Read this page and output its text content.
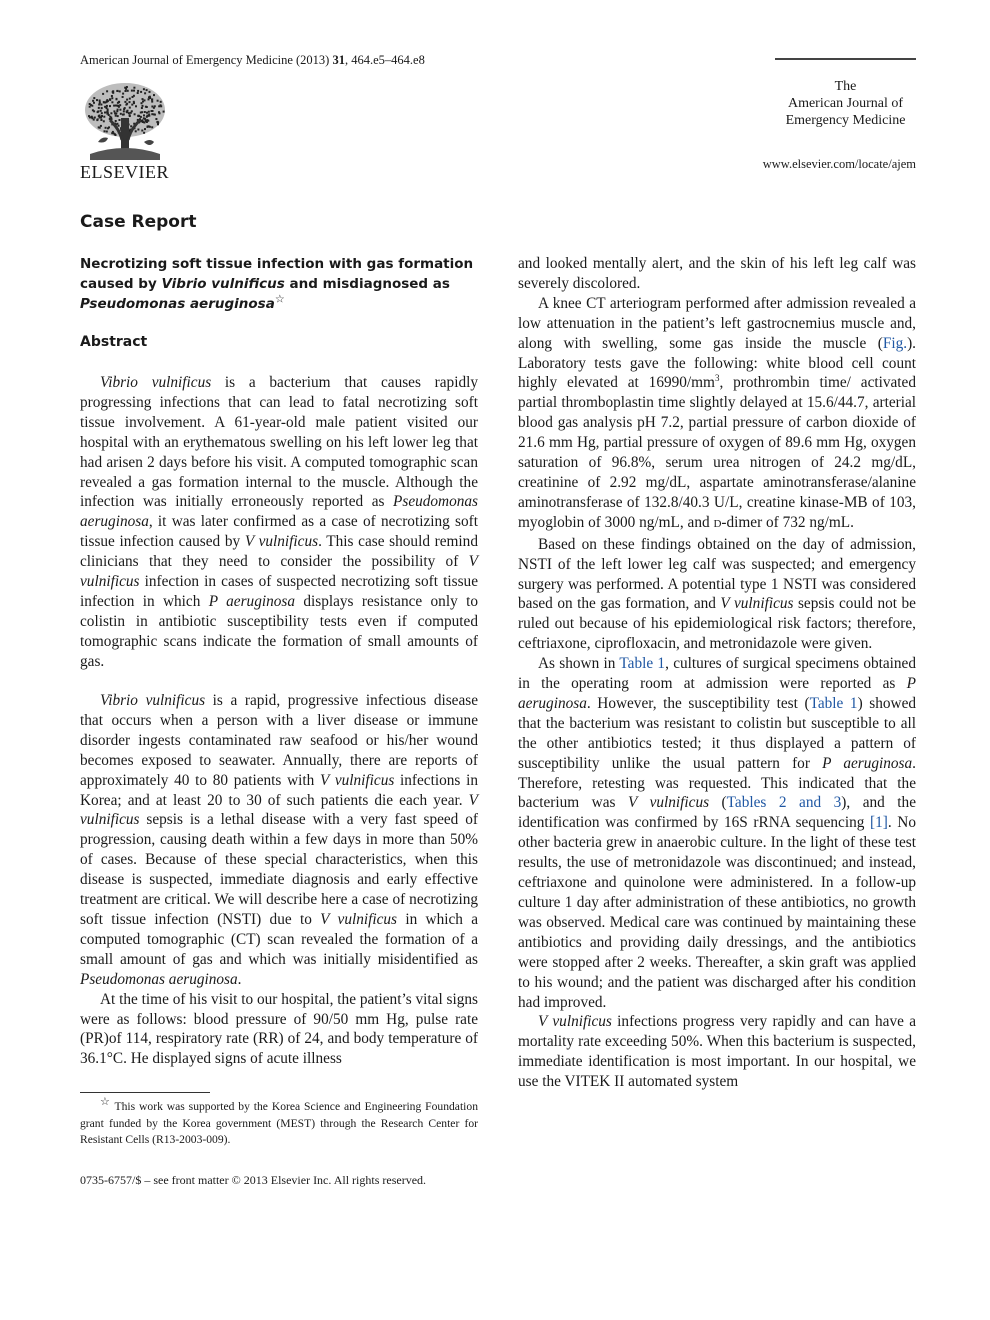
American Journal of Emergency Medicine (2013) 31, 464.e5–464.e8
ELSEVIER
The
American Journal of
Emergency Medicine
www.elsevier.com/locate/ajem
Case Report
Necrotizing soft tissue infection with gas formation
caused by Vibrio vulnificus and misdiagnosed as
Pseudomonas aeruginosa☆
Abstract

Vibrio vulnificus is a bacterium that causes rapidly progressing infections that can lead to fatal necrotizing soft tissue involvement. A 61-year-old male patient visited our hospital with an erythematous swelling on his left lower leg that had arisen 2 days before his visit. A computed tomographic scan revealed a gas formation internal to the muscle. Although the infection was initially erroneously reported as Pseudomonas aeruginosa, it was later confirmed as a case of necrotizing soft tissue infection caused by V vulnificus. This case should remind clinicians that they need to consider the possibility of V vulnificus infection in cases of suspected necrotizing soft tissue infection in which P aeruginosa displays resistance only to colistin in antibiotic susceptibility tests even if computed tomographic scans indicate the formation of small amounts of gas.

Vibrio vulnificus is a rapid, progressive infectious disease that occurs when a person with a liver disease or immune disorder ingests contaminated raw seafood or his/her wound becomes exposed to seawater. Annually, there are reports of approximately 40 to 80 patients with V vulnificus infections in Korea; and at least 20 to 30 of such patients die each year. V vulnificus sepsis is a lethal disease with a very fast speed of progression, causing death within a few days in more than 50% of cases. Because of these special characteristics, when this disease is suspected, immediate diagnosis and early effective treatment are critical. We will describe here a case of necrotizing soft tissue infection (NSTI) due to V vulnificus in which a computed tomographic (CT) scan revealed the formation of a small amount of gas and which was initially misidentified as Pseudomonas aeruginosa.

At the time of his visit to our hospital, the patient’s vital signs were as follows: blood pressure of 90/50 mm Hg, pulse rate (PR)of 114, respiratory rate (RR) of 24, and body temperature of 36.1°C. He displayed signs of acute illness

☆ This work was supported by the Korea Science and Engineering Foundation grant funded by the Korea government (MEST) through the Research Center for Resistant Cells (R13-2003-009).
0735-6757/$ – see front matter © 2013 Elsevier Inc. All rights reserved.

and looked mentally alert, and the skin of his left leg calf was severely discolored.

A knee CT arteriogram performed after admission revealed a low attenuation in the patient’s left gastrocnemius muscle and, along with swelling, some gas inside the muscle (Fig.). Laboratory tests gave the following: white blood cell count highly elevated at $16990/mm^3$, prothrombin time/ activated partial thromboplastin time slightly delayed at 15.6/44.7, arterial blood gas analysis pH 7.2, partial pressure of carbon dioxide of 21.6 mm Hg, partial pressure of oxygen of 89.6 mm Hg, oxygen saturation of 96.8%, serum urea nitrogen of 24.2 mg/dL, creatinine of 2.92 mg/dL, aspartate aminotransferase/alanine aminotransferase of 132.8/40.3 U/L, creatine kinase-MB of 103, myoglobin of 3000 ng/mL, and D-dimer of 732 ng/mL.

Based on these findings obtained on the day of admission, NSTI of the left lower leg calf was suspected; and emergency surgery was performed. A potential type 1 NSTI was considered based on the gas formation, and V vulnificus sepsis could not be ruled out because of his epidemiological risk factors; therefore, ceftriaxone, ciprofloxacin, and metronidazole were given.

As shown in Table 1, cultures of surgical specimens obtained in the operating room at admission were reported as P aeruginosa. However, the susceptibility test (Table 1) showed that the bacterium was resistant to colistin but susceptible to all the other antibiotics tested; it thus displayed a pattern of susceptibility unlike the usual pattern for P aeruginosa. Therefore, retesting was requested. This indicated that the bacterium was V vulnificus (Tables 2 and 3), and the identification was confirmed by 16S rRNA sequencing [1]. No other bacteria grew in anaerobic culture. In the light of these test results, the use of metronidazole was discontinued; and instead, ceftriaxone and quinolone were administered. In a follow-up culture 1 day after administration of these antibiotics, no growth was observed. Medical care was continued by maintaining these antibiotics and providing daily dressings, and the antibiotics were stopped after 2 weeks. Thereafter, a skin graft was applied to his wound; and the patient was discharged after his condition had improved.

V vulnificus infections progress very rapidly and can have a mortality rate exceeding 50%. When this bacterium is suspected, immediate identification is most important. In our hospital, we use the VITEK II automated system
